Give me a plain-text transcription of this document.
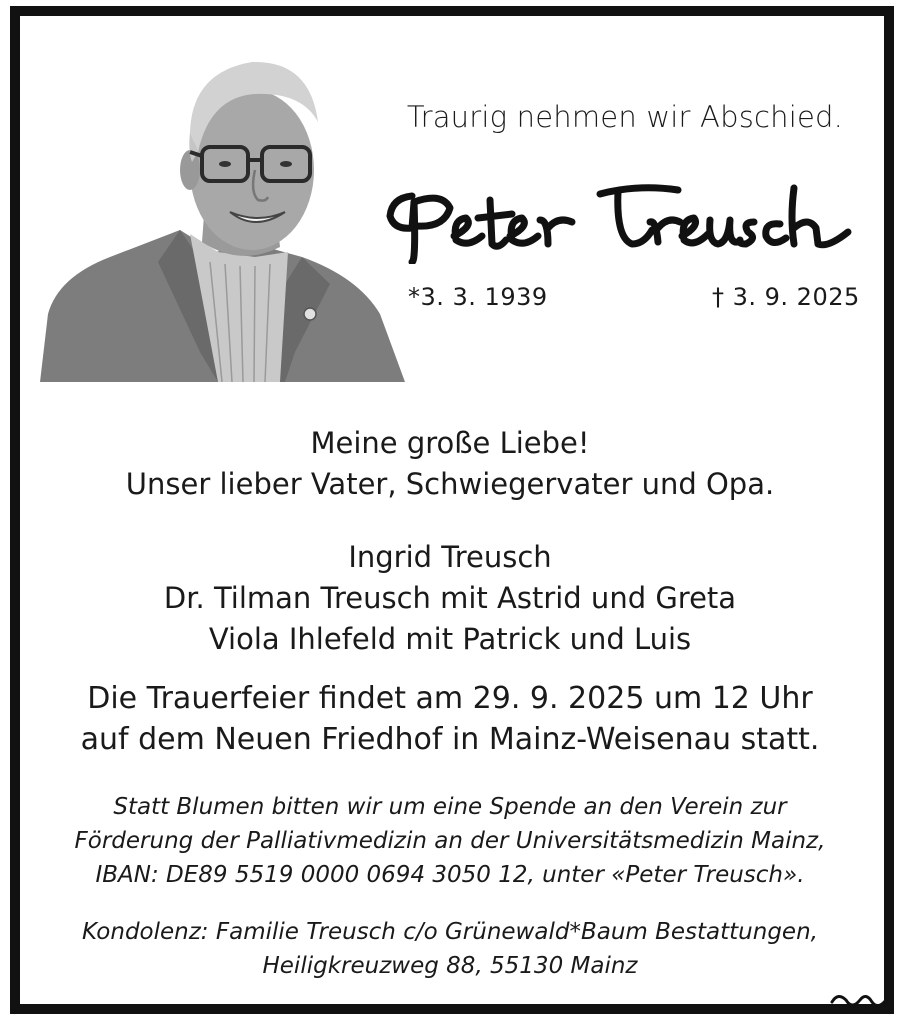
Traurig nehmen wir Abschied.
*3. 3. 1939	† 3. 9. 2025
Meine große Liebe!
Unser lieber Vater, Schwiegervater und Opa.
Ingrid Treusch
Dr. Tilman Treusch mit Astrid und Greta
Viola Ihlefeld mit Patrick und Luis
Die Trauerfeier findet am 29. 9. 2025 um 12 Uhr
auf dem Neuen Friedhof in Mainz-Weisenau statt.
Statt Blumen bitten wir um eine Spende an den Verein zur
Förderung der Palliativmedizin an der Universitätsmedizin Mainz,
IBAN: DE89 5519 0000 0694 3050 12, unter «Peter Treusch».
Kondolenz: Familie Treusch c/o Grünewald*Baum Bestattungen,
Heiligkreuzweg 88, 55130 Mainz
